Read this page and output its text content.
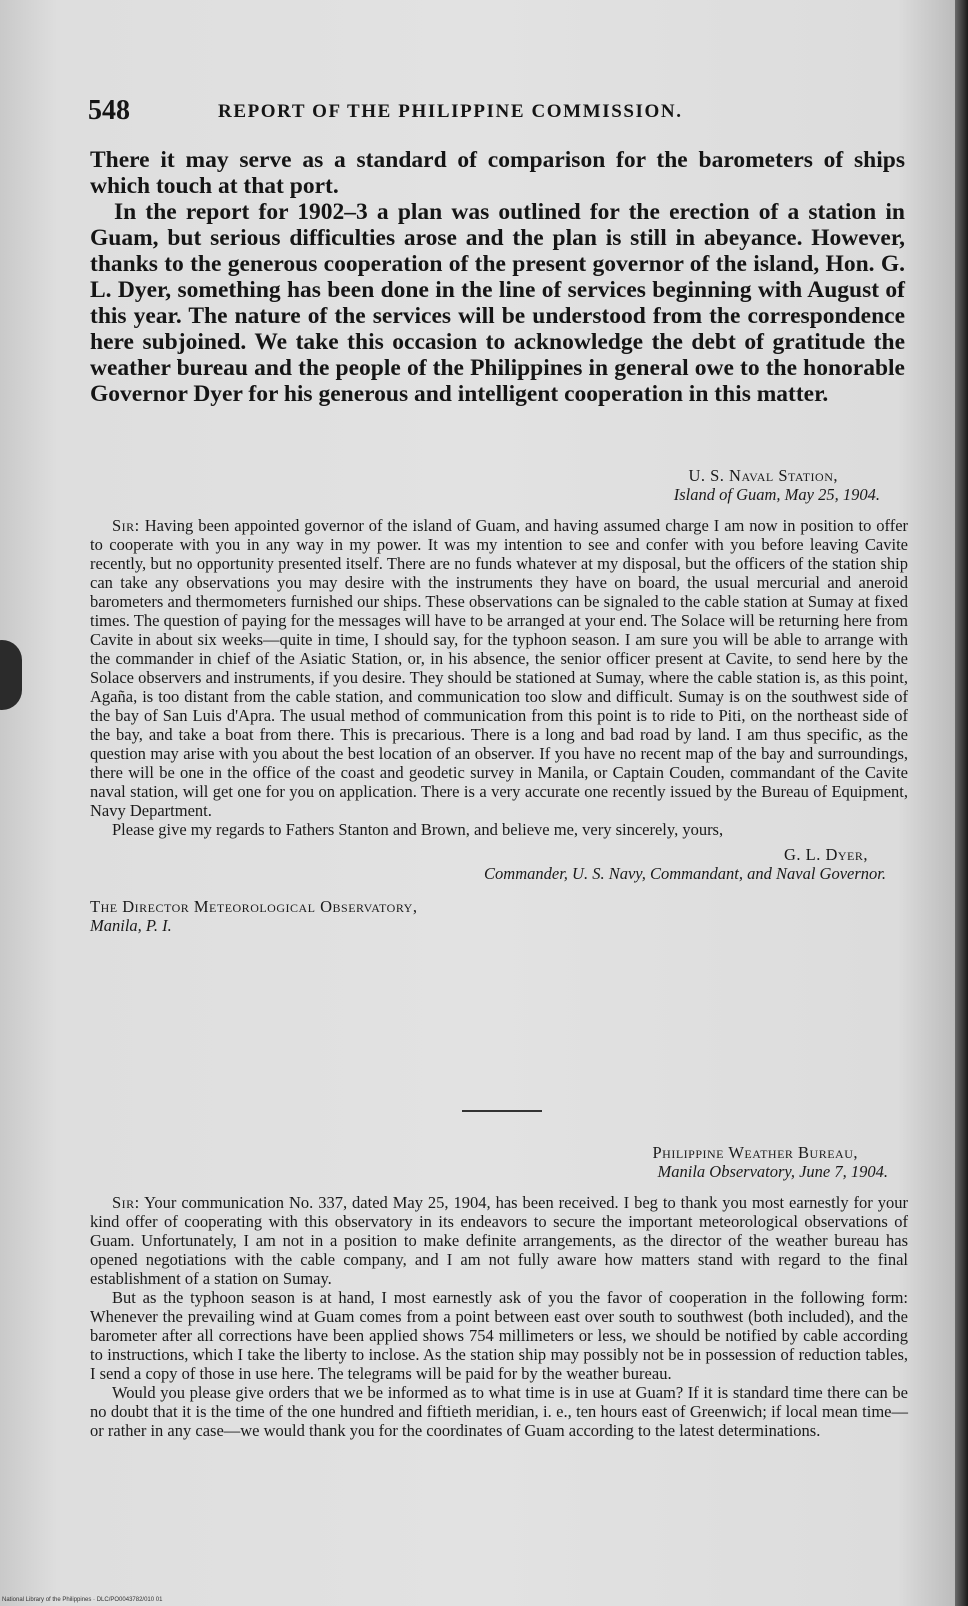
548	REPORT OF THE PHILIPPINE COMMISSION.

There it may serve as a standard of comparison for the barometers of ships which touch at that port.

In the report for 1902–3 a plan was outlined for the erection of a station in Guam, but serious difficulties arose and the plan is still in abeyance. However, thanks to the generous cooperation of the present governor of the island, Hon. G. L. Dyer, something has been done in the line of services beginning with August of this year. The nature of the services will be understood from the correspondence here subjoined. We take this occasion to acknowledge the debt of gratitude the weather bureau and the people of the Philippines in general owe to the honorable Governor Dyer for his generous and intelligent cooperation in this matter.

U. S. Naval Station,

Island of Guam, May 25, 1904.

Sir: Having been appointed governor of the island of Guam, and having assumed charge I am now in position to offer to cooperate with you in any way in my power. It was my intention to see and confer with you before leaving Cavite recently, but no opportunity presented itself. There are no funds whatever at my disposal, but the officers of the station ship can take any observations you may desire with the instruments they have on board, the usual mercurial and aneroid barometers and thermometers furnished our ships. These observations can be signaled to the cable station at Sumay at fixed times. The question of paying for the messages will have to be arranged at your end. The Solace will be returning here from Cavite in about six weeks—quite in time, I should say, for the typhoon season. I am sure you will be able to arrange with the commander in chief of the Asiatic Station, or, in his absence, the senior officer present at Cavite, to send here by the Solace observers and instruments, if you desire. They should be stationed at Sumay, where the cable station is, as this point, Agaña, is too distant from the cable station, and communication too slow and difficult. Sumay is on the southwest side of the bay of San Luis d'Apra. The usual method of communication from this point is to ride to Piti, on the northeast side of the bay, and take a boat from there. This is precarious. There is a long and bad road by land. I am thus specific, as the question may arise with you about the best location of an observer. If you have no recent map of the bay and surroundings, there will be one in the office of the coast and geodetic survey in Manila, or Captain Couden, commandant of the Cavite naval station, will get one for you on application. There is a very accurate one recently issued by the Bureau of Equipment, Navy Department.

Please give my regards to Fathers Stanton and Brown, and believe me, very sincerely, yours,

G. L. Dyer,

Commander, U. S. Navy, Commandant, and Naval Governor.

The Director Meteorological Observatory,

Manila, P. I.

Philippine Weather Bureau,

Manila Observatory, June 7, 1904.

Sir: Your communication No. 337, dated May 25, 1904, has been received. I beg to thank you most earnestly for your kind offer of cooperating with this observatory in its endeavors to secure the important meteorological observations of Guam. Unfortunately, I am not in a position to make definite arrangements, as the director of the weather bureau has opened negotiations with the cable company, and I am not fully aware how matters stand with regard to the final establishment of a station on Sumay.

But as the typhoon season is at hand, I most earnestly ask of you the favor of cooperation in the following form: Whenever the prevailing wind at Guam comes from a point between east over south to southwest (both included), and the barometer after all corrections have been applied shows 754 millimeters or less, we should be notified by cable according to instructions, which I take the liberty to inclose. As the station ship may possibly not be in possession of reduction tables, I send a copy of those in use here. The telegrams will be paid for by the weather bureau.

Would you please give orders that we be informed as to what time is in use at Guam? If it is standard time there can be no doubt that it is the time of the one hundred and fiftieth meridian, i. e., ten hours east of Greenwich; if local mean time—or rather in any case—we would thank you for the coordinates of Guam according to the latest determinations.

National Library of the Philippines · DLC/PO0043782/010 01
